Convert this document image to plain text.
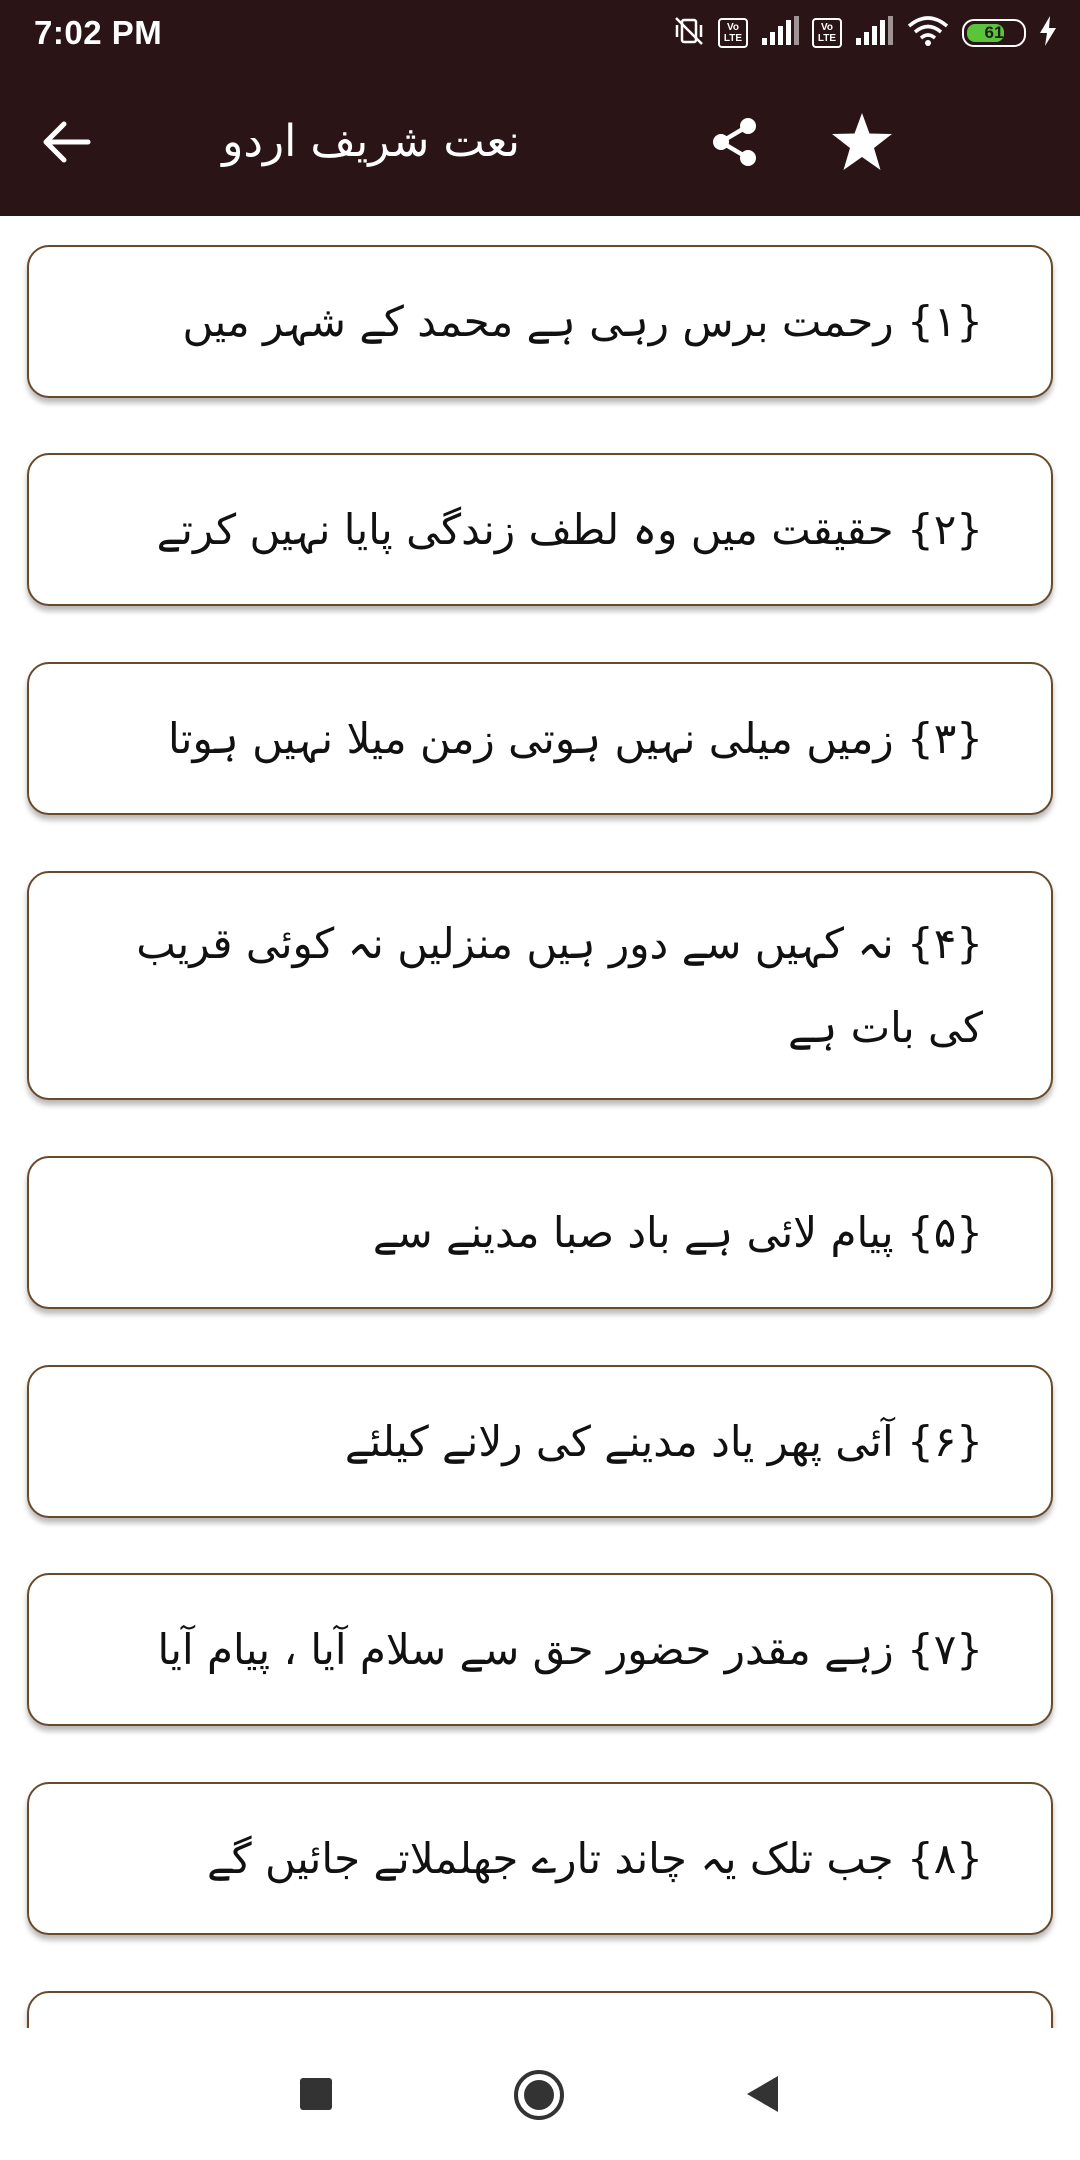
7:02 PM	Vo
LTE
Vo
LTE	61
نعت شریف اردو
{۱} رحمت برس رہی ہے محمد کے شہر میں
{۲} حقیقت میں وہ لطف زندگی پایا نہیں کرتے
{۳} زمیں میلی نہیں ہوتی زمن میلا نہیں ہوتا
{۴} نہ کہیں سے دور ہیں منزلیں نہ کوئی قریب کی بات ہے
{۵} پیام لائی ہے باد صبا مدینے سے
{۶} آئی پھر یاد مدینے کی رلانے کیلئے
{۷} زہے مقدر حضور حق سے سلام آیا ، پیام آیا
{۸} جب تلک یہ چاند تارے جھلملاتے جائیں گے
